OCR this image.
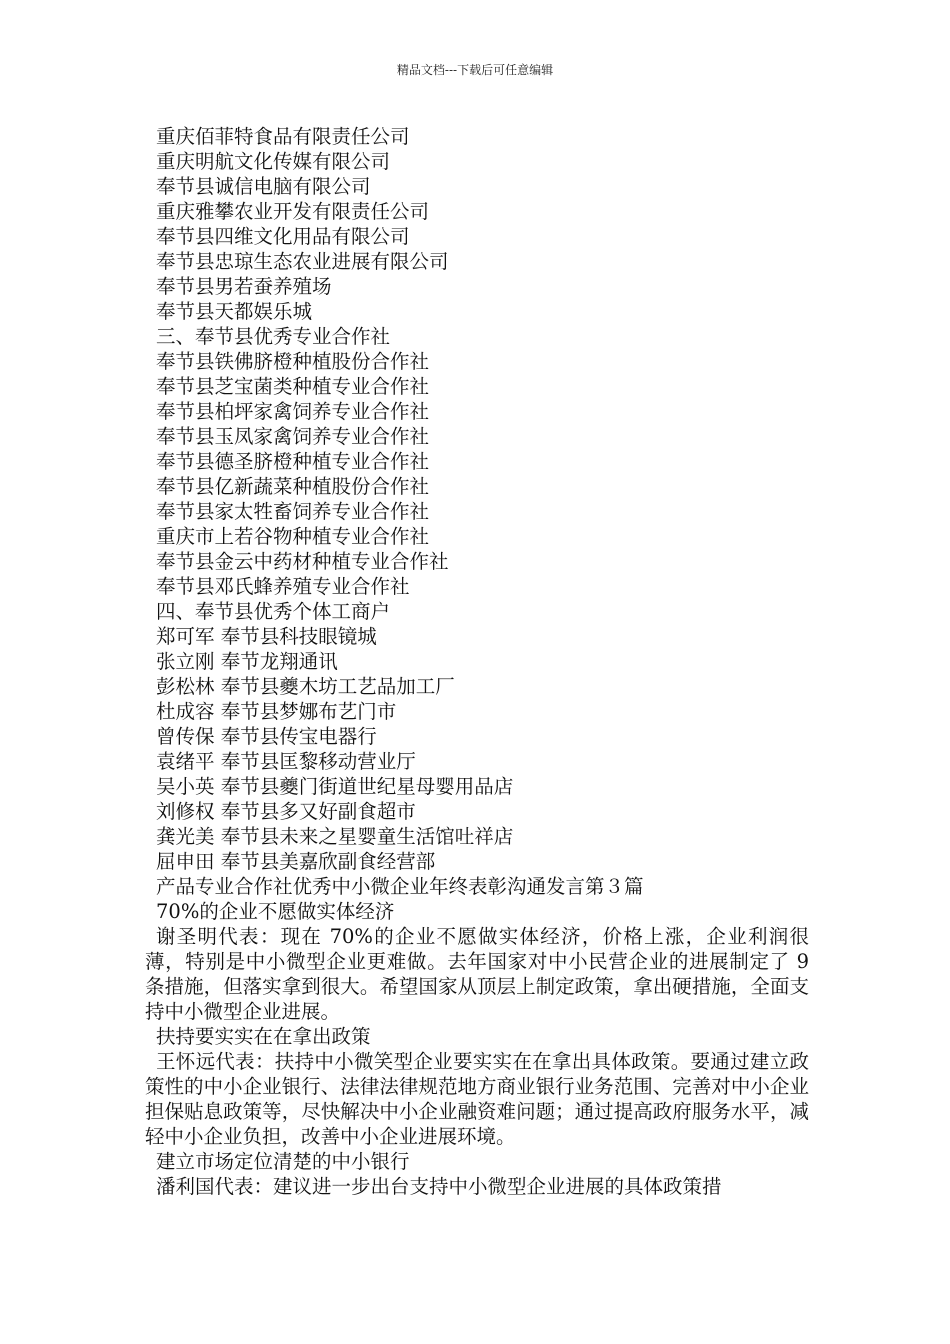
精品文档---下载后可任意编辑
重庆佰菲特食品有限责任公司
重庆明航文化传媒有限公司
奉节县诚信电脑有限公司
重庆雅攀农业开发有限责任公司
奉节县四维文化用品有限公司
奉节县忠琼生态农业进展有限公司
奉节县男若蚕养殖场
奉节县天都娱乐城
三、奉节县优秀专业合作社
奉节县铁佛脐橙种植股份合作社
奉节县芝宝菌类种植专业合作社
奉节县柏坪家禽饲养专业合作社
奉节县玉凤家禽饲养专业合作社
奉节县德圣脐橙种植专业合作社
奉节县亿新蔬菜种植股份合作社
奉节县家太牲畜饲养专业合作社
重庆市上若谷物种植专业合作社
奉节县金云中药材种植专业合作社
奉节县邓氏蜂养殖专业合作社
四、奉节县优秀个体工商户
郑可军 奉节县科技眼镜城
张立刚 奉节龙翔通讯
彭松林 奉节县夔木坊工艺品加工厂
杜成容 奉节县梦娜布艺门市
曾传保 奉节县传宝电器行
袁绪平 奉节县匡黎移动营业厅
吴小英 奉节县夔门街道世纪星母婴用品店
刘修权 奉节县多又好副食超市
龚光美 奉节县未来之星婴童生活馆吐祥店
屈申田 奉节县美嘉欣副食经营部
产品专业合作社优秀中小微企业年终表彰沟通发言第３篇
70%的企业不愿做实体经济
谢圣明代表：现在 70%的企业不愿做实体经济，价格上涨，企业利润很薄，特别是中小微型企业更难做。去年国家对中小民营企业的进展制定了 9 条措施，但落实拿到很大。希望国家从顶层上制定政策，拿出硬措施，全面支持中小微型企业进展。
扶持要实实在在拿出政策
王怀远代表：扶持中小微笑型企业要实实在在拿出具体政策。要通过建立政策性的中小企业银行、法律法律规范地方商业银行业务范围、完善对中小企业担保贴息政策等，尽快解决中小企业融资难问题；通过提高政府服务水平，减轻中小企业负担，改善中小企业进展环境。
建立市场定位清楚的中小银行
潘利国代表：建议进一步出台支持中小微型企业进展的具体政策措
